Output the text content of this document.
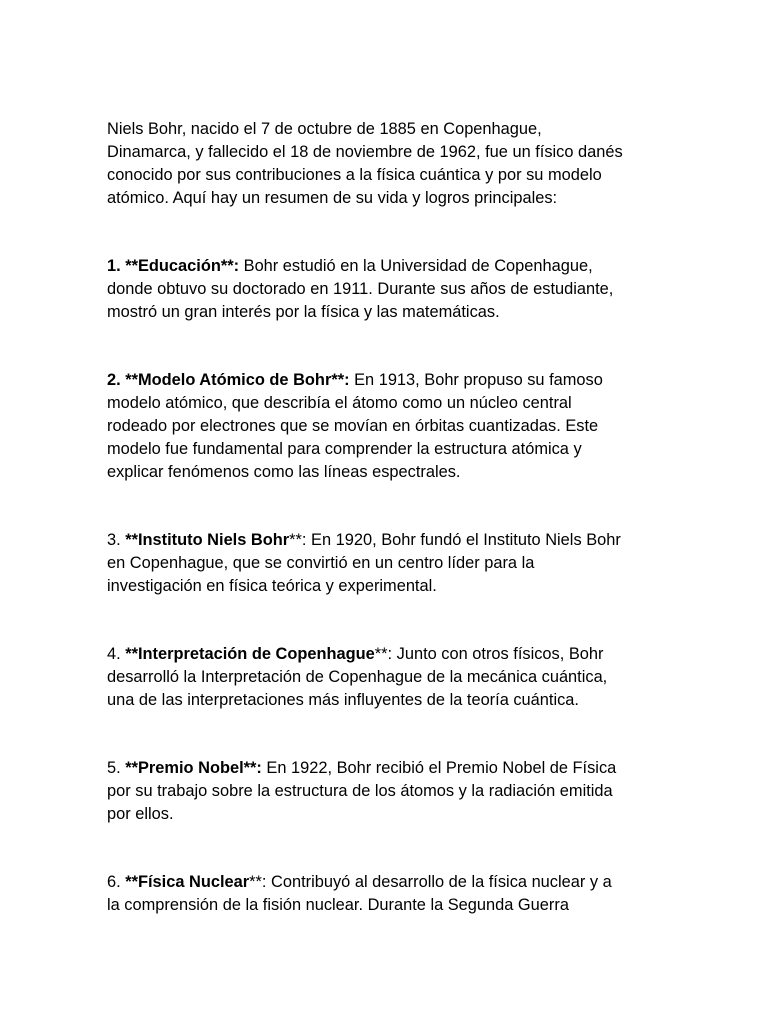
Niels Bohr, nacido el 7 de octubre de 1885 en Copenhague,
Dinamarca, y fallecido el 18 de noviembre de 1962, fue un físico danés
conocido por sus contribuciones a la física cuántica y por su modelo
atómico. Aquí hay un resumen de su vida y logros principales:

1. **Educación**: Bohr estudió en la Universidad de Copenhague,
donde obtuvo su doctorado en 1911. Durante sus años de estudiante,
mostró un gran interés por la física y las matemáticas.

2. **Modelo Atómico de Bohr**: En 1913, Bohr propuso su famoso
modelo atómico, que describía el átomo como un núcleo central
rodeado por electrones que se movían en órbitas cuantizadas. Este
modelo fue fundamental para comprender la estructura atómica y
explicar fenómenos como las líneas espectrales.

3. **Instituto Niels Bohr**: En 1920, Bohr fundó el Instituto Niels Bohr
en Copenhague, que se convirtió en un centro líder para la
investigación en física teórica y experimental.

4. **Interpretación de Copenhague**: Junto con otros físicos, Bohr
desarrolló la Interpretación de Copenhague de la mecánica cuántica,
una de las interpretaciones más influyentes de la teoría cuántica.

5. **Premio Nobel**: En 1922, Bohr recibió el Premio Nobel de Física
por su trabajo sobre la estructura de los átomos y la radiación emitida
por ellos.

6. **Física Nuclear**: Contribuyó al desarrollo de la física nuclear y a
la comprensión de la fisión nuclear. Durante la Segunda Guerra
